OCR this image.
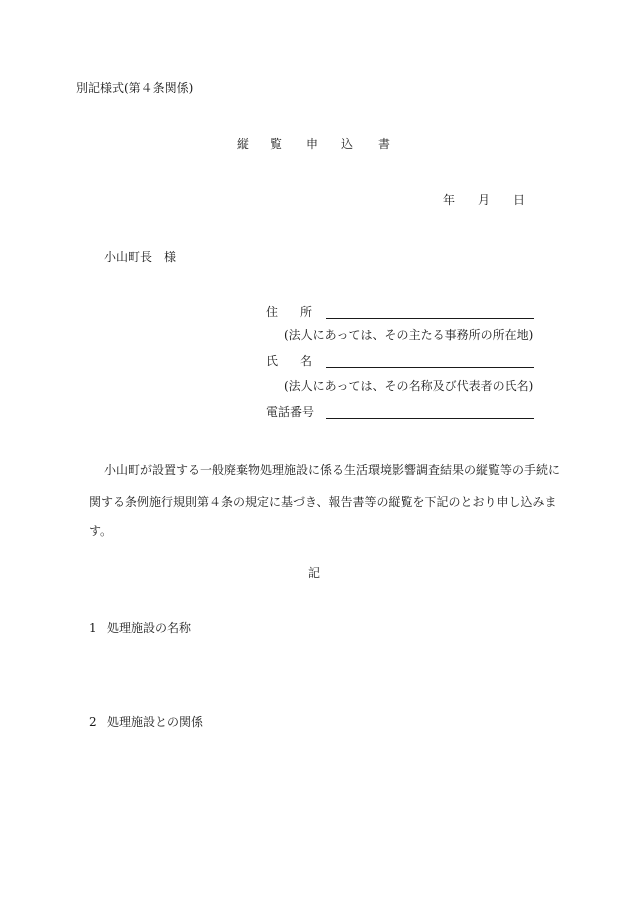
別記様式(第４条関係)
縦 覧 申 込 書
年 月 日
小山町長　様
住 所
(法人にあっては、その主たる事務所の所在地)
氏 名
(法人にあっては、その名称及び代表者の氏名)
電話番号
小山町が設置する一般廃棄物処理施設に係る生活環境影響調査結果の縦覧等の手続に
関する条例施行規則第４条の規定に基づき、報告書等の縦覧を下記のとおり申し込みま
す。
記
1 処理施設の名称
2 処理施設との関係
